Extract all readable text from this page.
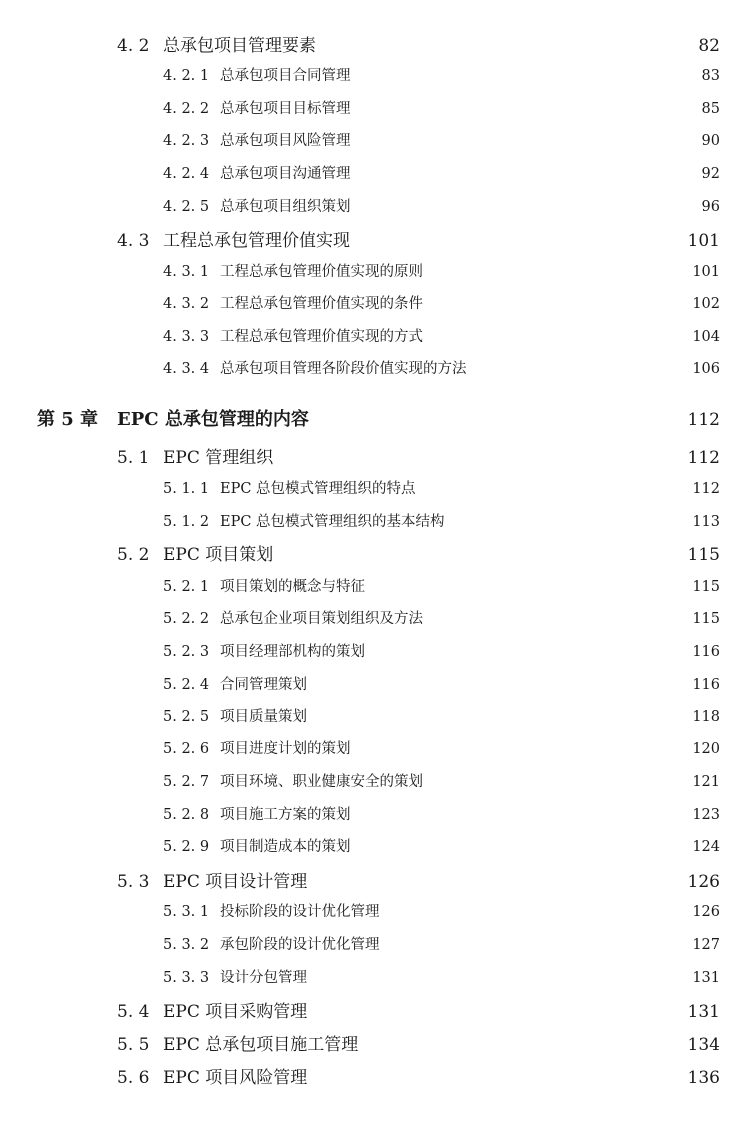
4. 2 总承包项目管理要素	82
4. 2. 1 总承包项目合同管理	83
4. 2. 2 总承包项目目标管理	85
4. 2. 3 总承包项目风险管理	90
4. 2. 4 总承包项目沟通管理	92
4. 2. 5 总承包项目组织策划	96
4. 3 工程总承包管理价值实现	101
4. 3. 1 工程总承包管理价值实现的原则	101
4. 3. 2 工程总承包管理价值实现的条件	102
4. 3. 3 工程总承包管理价值实现的方式	104
4. 3. 4 总承包项目管理各阶段价值实现的方法	106
第 5 章 EPC 总承包管理的内容	112
5. 1 EPC 管理组织	112
5. 1. 1 EPC 总包模式管理组织的特点	112
5. 1. 2 EPC 总包模式管理组织的基本结构	113
5. 2 EPC 项目策划	115
5. 2. 1 项目策划的概念与特征	115
5. 2. 2 总承包企业项目策划组织及方法	115
5. 2. 3 项目经理部机构的策划	116
5. 2. 4 合同管理策划	116
5. 2. 5 项目质量策划	118
5. 2. 6 项目进度计划的策划	120
5. 2. 7 项目环境、职业健康安全的策划	121
5. 2. 8 项目施工方案的策划	123
5. 2. 9 项目制造成本的策划	124
5. 3 EPC 项目设计管理	126
5. 3. 1 投标阶段的设计优化管理	126
5. 3. 2 承包阶段的设计优化管理	127
5. 3. 3 设计分包管理	131
5. 4 EPC 项目采购管理	131
5. 5 EPC 总承包项目施工管理	134
5. 6 EPC 项目风险管理	136
